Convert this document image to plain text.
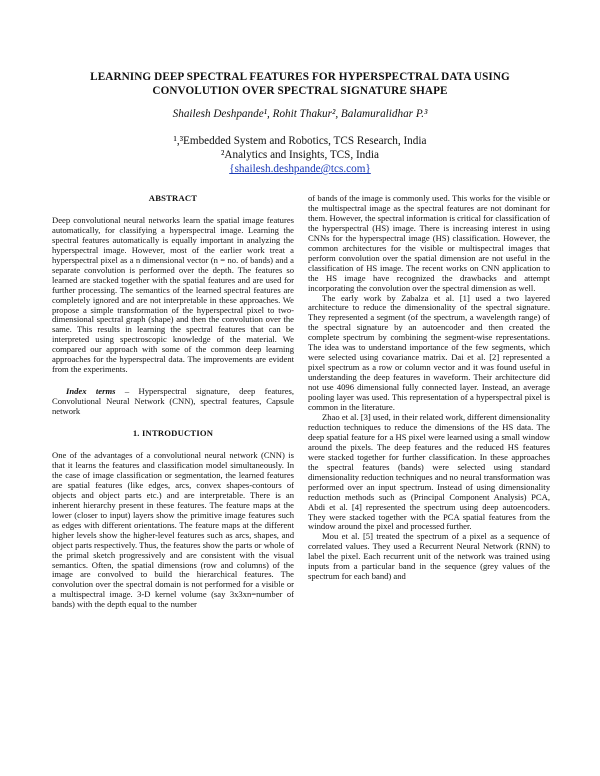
LEARNING DEEP SPECTRAL FEATURES FOR HYPERSPECTRAL DATA USING
CONVOLUTION OVER SPECTRAL SIGNATURE SHAPE
Shailesh Deshpande¹, Rohit Thakur², Balamuralidhar P.³
¹,³Embedded System and Robotics, TCS Research, India
²Analytics and Insights, TCS, India
{shailesh.deshpande@tcs.com}
ABSTRACT

Deep convolutional neural networks learn the spatial image features automatically, for classifying a hyperspectral image. Learning the spectral features automatically is equally important in analyzing the hyperspectral image. However, most of the earlier work treat a hyperspectral pixel as a n dimensional vector (n = no. of bands) and a separate convolution is performed over the depth. The features so learned are stacked together with the spatial features and are used for further processing. The semantics of the learned spectral features are completely ignored and are not interpretable in these approaches. We propose a simple transformation of the hyperspectral pixel to two-dimensional spectral graph (shape) and then the convolution over the same. This results in learning the spectral features that can be interpreted using spectroscopic knowledge of the material. We compared our approach with some of the common deep learning approaches for the hyperspectral data. The improvements are evident from the experiments.

Index terms – Hyperspectral signature, deep features, Convolutional Neural Network (CNN), spectral features, Capsule network

1. INTRODUCTION

One of the advantages of a convolutional neural network (CNN) is that it learns the features and classification model simultaneously. In the case of image classification or segmentation, the learned features are spatial features (like edges, arcs, convex shapes-contours of objects and object parts etc.) and are interpretable. There is an inherent hierarchy present in these features. The feature maps at the lower (closer to input) layers show the primitive image features such as edges with different orientations. The feature maps at the different higher levels show the higher-level features such as arcs, shapes, and object parts respectively. Thus, the features show the parts or whole of the primal sketch progressively and are consistent with the visual semantics. Often, the spatial dimensions (row and columns) of the image are convolved to build the hierarchical features. The convolution over the spectral domain is not performed for a visible or a multispectral image. 3-D kernel volume (say 3x3xn=number of bands) with the depth equal to the number

of bands of the image is commonly used. This works for the visible or the multispectral image as the spectral features are not dominant for them. However, the spectral information is critical for classification of the hyperspectral (HS) image. There is increasing interest in using CNNs for the hyperspectral image (HS) classification. However, the common architectures for the visible or multispectral images that perform convolution over the spatial dimension are not useful in the classification of HS image. The recent works on CNN application to the HS image have recognized the drawbacks and attempt incorporating the convolution over the spectral dimension as well.

The early work by Zabalza et al. [1] used a two layered architecture to reduce the dimensionality of the spectral signature. They represented a segment (of the spectrum, a wavelength range) of the spectral signature by an autoencoder and then created the complete spectrum by combining the segment-wise representations. The idea was to understand importance of the few segments, which were selected using covariance matrix. Dai et al. [2] represented a pixel spectrum as a row or column vector and it was found useful in understanding the deep features in waveform. Their architecture did not use 4096 dimensional fully connected layer. Instead, an average pooling layer was used. This representation of a hyperspectral pixel is common in the literature.

Zhao et al. [3] used, in their related work, different dimensionality reduction techniques to reduce the dimensions of the HS data. The deep spatial feature for a HS pixel were learned using a small window around the pixels. The deep features and the reduced HS features were stacked together for further classification. In these approaches the spectral features (bands) were selected using standard dimensionality reduction techniques and no neural transformation was performed over an input spectrum. Instead of using dimensionality reduction methods such as (Principal Component Analysis) PCA, Abdi et al. [4] represented the spectrum using deep autoencoders. They were stacked together with the PCA spatial features from the window around the pixel and processed further.

Mou et al. [5] treated the spectrum of a pixel as a sequence of correlated values. They used a Recurrent Neural Network (RNN) to label the pixel. Each recurrent unit of the network was trained using inputs from a particular band in the sequence (grey values of the spectrum for each band) and
